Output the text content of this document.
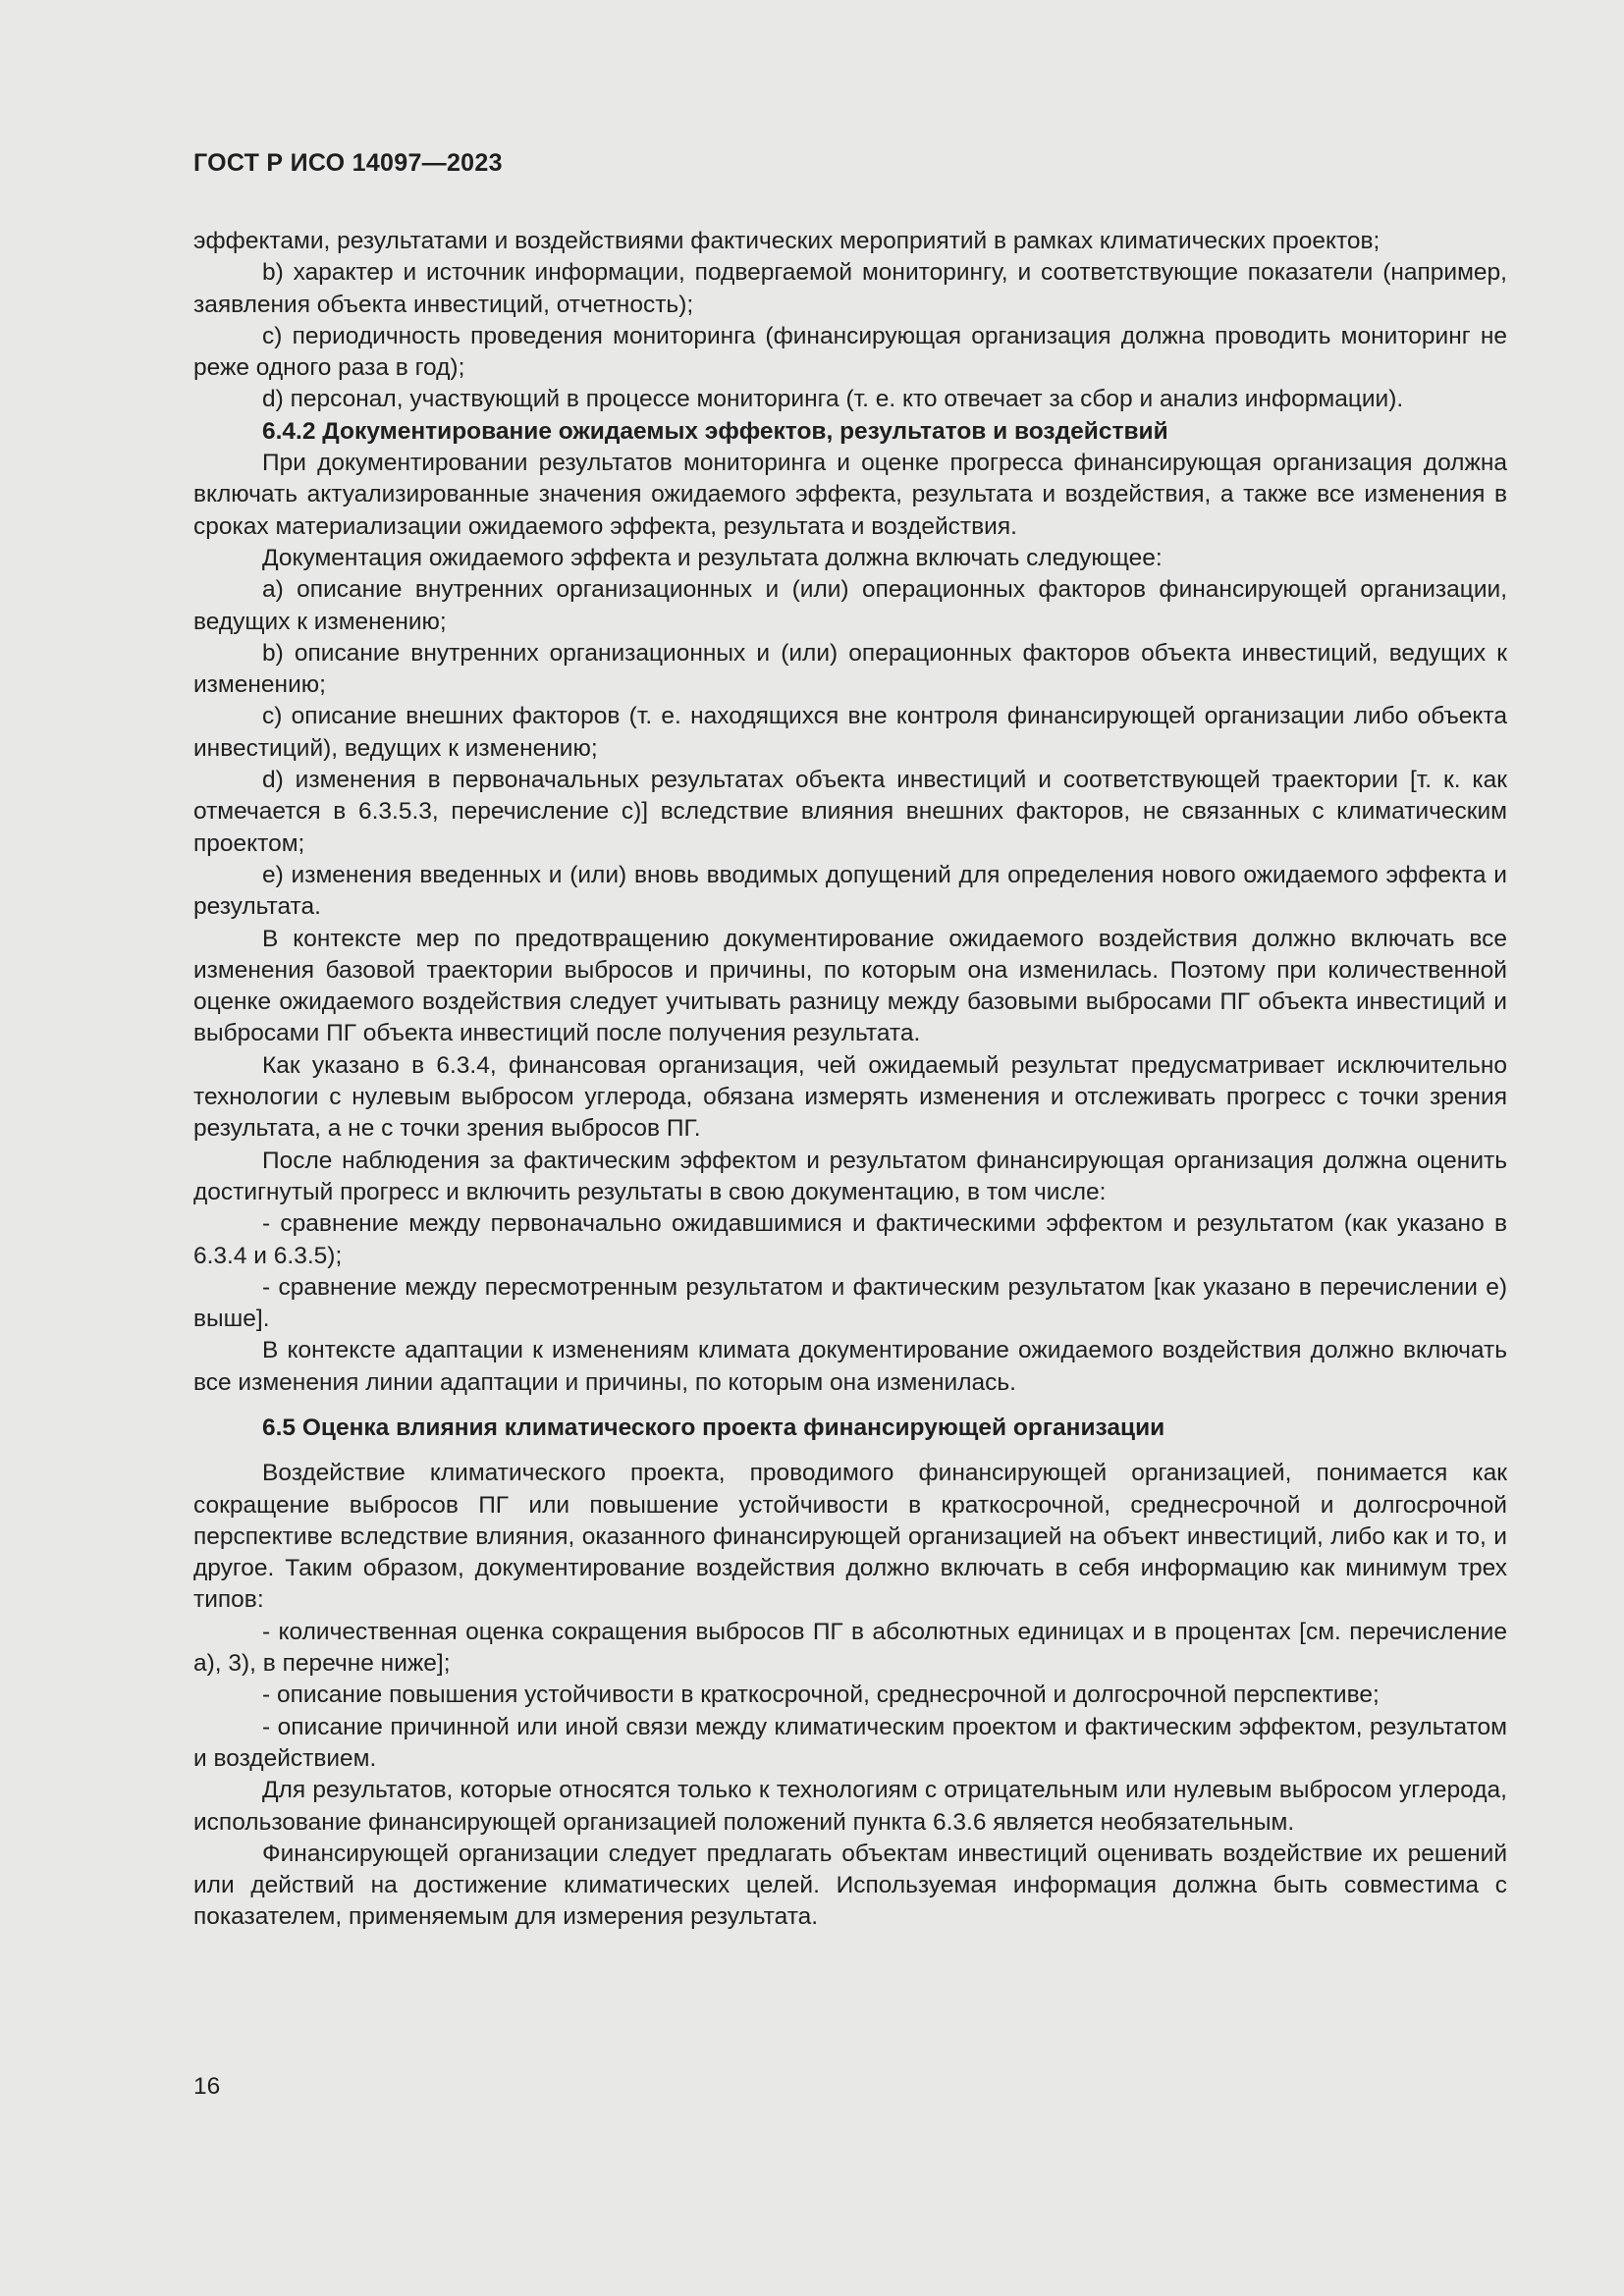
ГОСТ Р ИСО 14097—2023

эффектами, результатами и воздействиями фактических мероприятий в рамках климатических проектов;

b) характер и источник информации, подвергаемой мониторингу, и соответствующие показатели (например, заявления объекта инвестиций, отчетность);

c) периодичность проведения мониторинга (финансирующая организация должна проводить мониторинг не реже одного раза в год);

d) персонал, участвующий в процессе мониторинга (т. е. кто отвечает за сбор и анализ информации).

6.4.2 Документирование ожидаемых эффектов, результатов и воздействий

При документировании результатов мониторинга и оценке прогресса финансирующая организация должна включать актуализированные значения ожидаемого эффекта, результата и воздействия, а также все изменения в сроках материализации ожидаемого эффекта, результата и воздействия.

Документация ожидаемого эффекта и результата должна включать следующее:

a) описание внутренних организационных и (или) операционных факторов финансирующей организации, ведущих к изменению;

b) описание внутренних организационных и (или) операционных факторов объекта инвестиций, ведущих к изменению;

c) описание внешних факторов (т. е. находящихся вне контроля финансирующей организации либо объекта инвестиций), ведущих к изменению;

d) изменения в первоначальных результатах объекта инвестиций и соответствующей траектории [т. к. как отмечается в 6.3.5.3, перечисление с)] вследствие влияния внешних факторов, не связанных с климатическим проектом;

e) изменения введенных и (или) вновь вводимых допущений для определения нового ожидаемого эффекта и результата.

В контексте мер по предотвращению документирование ожидаемого воздействия должно включать все изменения базовой траектории выбросов и причины, по которым она изменилась. Поэтому при количественной оценке ожидаемого воздействия следует учитывать разницу между базовыми выбросами ПГ объекта инвестиций и выбросами ПГ объекта инвестиций после получения результата.

Как указано в 6.3.4, финансовая организация, чей ожидаемый результат предусматривает исключительно технологии с нулевым выбросом углерода, обязана измерять изменения и отслеживать прогресс с точки зрения результата, а не с точки зрения выбросов ПГ.

После наблюдения за фактическим эффектом и результатом финансирующая организация должна оценить достигнутый прогресс и включить результаты в свою документацию, в том числе:

- сравнение между первоначально ожидавшимися и фактическими эффектом и результатом (как указано в 6.3.4 и 6.3.5);

- сравнение между пересмотренным результатом и фактическим результатом [как указано в перечислении е) выше].

В контексте адаптации к изменениям климата документирование ожидаемого воздействия должно включать все изменения линии адаптации и причины, по которым она изменилась.

6.5 Оценка влияния климатического проекта финансирующей организации

Воздействие климатического проекта, проводимого финансирующей организацией, понимается как сокращение выбросов ПГ или повышение устойчивости в краткосрочной, среднесрочной и долгосрочной перспективе вследствие влияния, оказанного финансирующей организацией на объект инвестиций, либо как и то, и другое. Таким образом, документирование воздействия должно включать в себя информацию как минимум трех типов:

- количественная оценка сокращения выбросов ПГ в абсолютных единицах и в процентах [см. перечисление a), 3), в перечне ниже];

- описание повышения устойчивости в краткосрочной, среднесрочной и долгосрочной перспективе;

- описание причинной или иной связи между климатическим проектом и фактическим эффектом, результатом и воздействием.

Для результатов, которые относятся только к технологиям с отрицательным или нулевым выбросом углерода, использование финансирующей организацией положений пункта 6.3.6 является необязательным.

Финансирующей организации следует предлагать объектам инвестиций оценивать воздействие их решений или действий на достижение климатических целей. Используемая информация должна быть совместима с показателем, применяемым для измерения результата.

16
